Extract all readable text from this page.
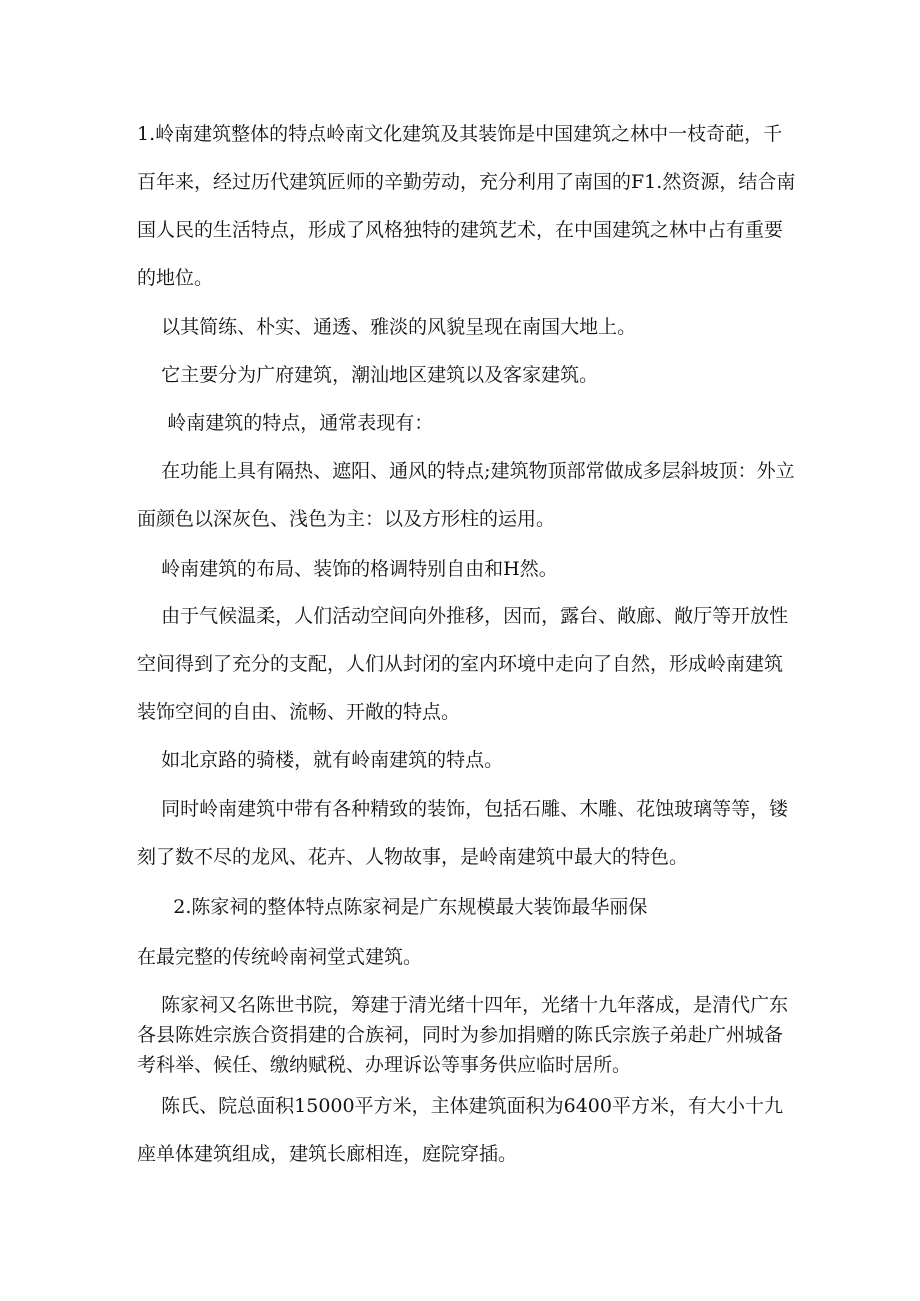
1.岭南建筑整体的特点岭南文化建筑及其装饰是中国建筑之林中一枝奇葩，千百年来，经过历代建筑匠师的辛勤劳动，充分利用了南国的F1.然资源，结合南国人民的生活特点，形成了风格独特的建筑艺术，在中国建筑之林中占有重要的地位。

以其简练、朴实、通透、雅淡的风貌呈现在南国大地上。

它主要分为广府建筑，潮汕地区建筑以及客家建筑。

岭南建筑的特点，通常表现有：

在功能上具有隔热、遮阳、通风的特点;建筑物顶部常做成多层斜坡顶：外立面颜色以深灰色、浅色为主：以及方形柱的运用。

岭南建筑的布局、装饰的格调特别自由和H然。

由于气候温柔，人们活动空间向外推移，因而，露台、敞廊、敞厅等开放性空间得到了充分的支配，人们从封闭的室内环境中走向了自然，形成岭南建筑装饰空间的自由、流畅、开敞的特点。

如北京路的骑楼，就有岭南建筑的特点。

同时岭南建筑中带有各种精致的装饰，包括石雕、木雕、花蚀玻璃等等，镂刻了数不尽的龙风、花卉、人物故事，是岭南建筑中最大的特色。

2.陈家祠的整体特点陈家祠是广东规模最大装饰最华丽保

在最完整的传统岭南祠堂式建筑。

陈家祠又名陈世书院，筹建于清光绪十四年，光绪十九年落成，是清代广东各县陈姓宗族合资捐建的合族祠，同时为参加捐赠的陈氏宗族子弟赴广州城备考科举、候任、缴纳赋税、办理诉讼等事务供应临时居所。

陈氏、院总面积15000平方米，主体建筑面积为6400平方米，有大小十九座单体建筑组成，建筑长廊相连，庭院穿插。
